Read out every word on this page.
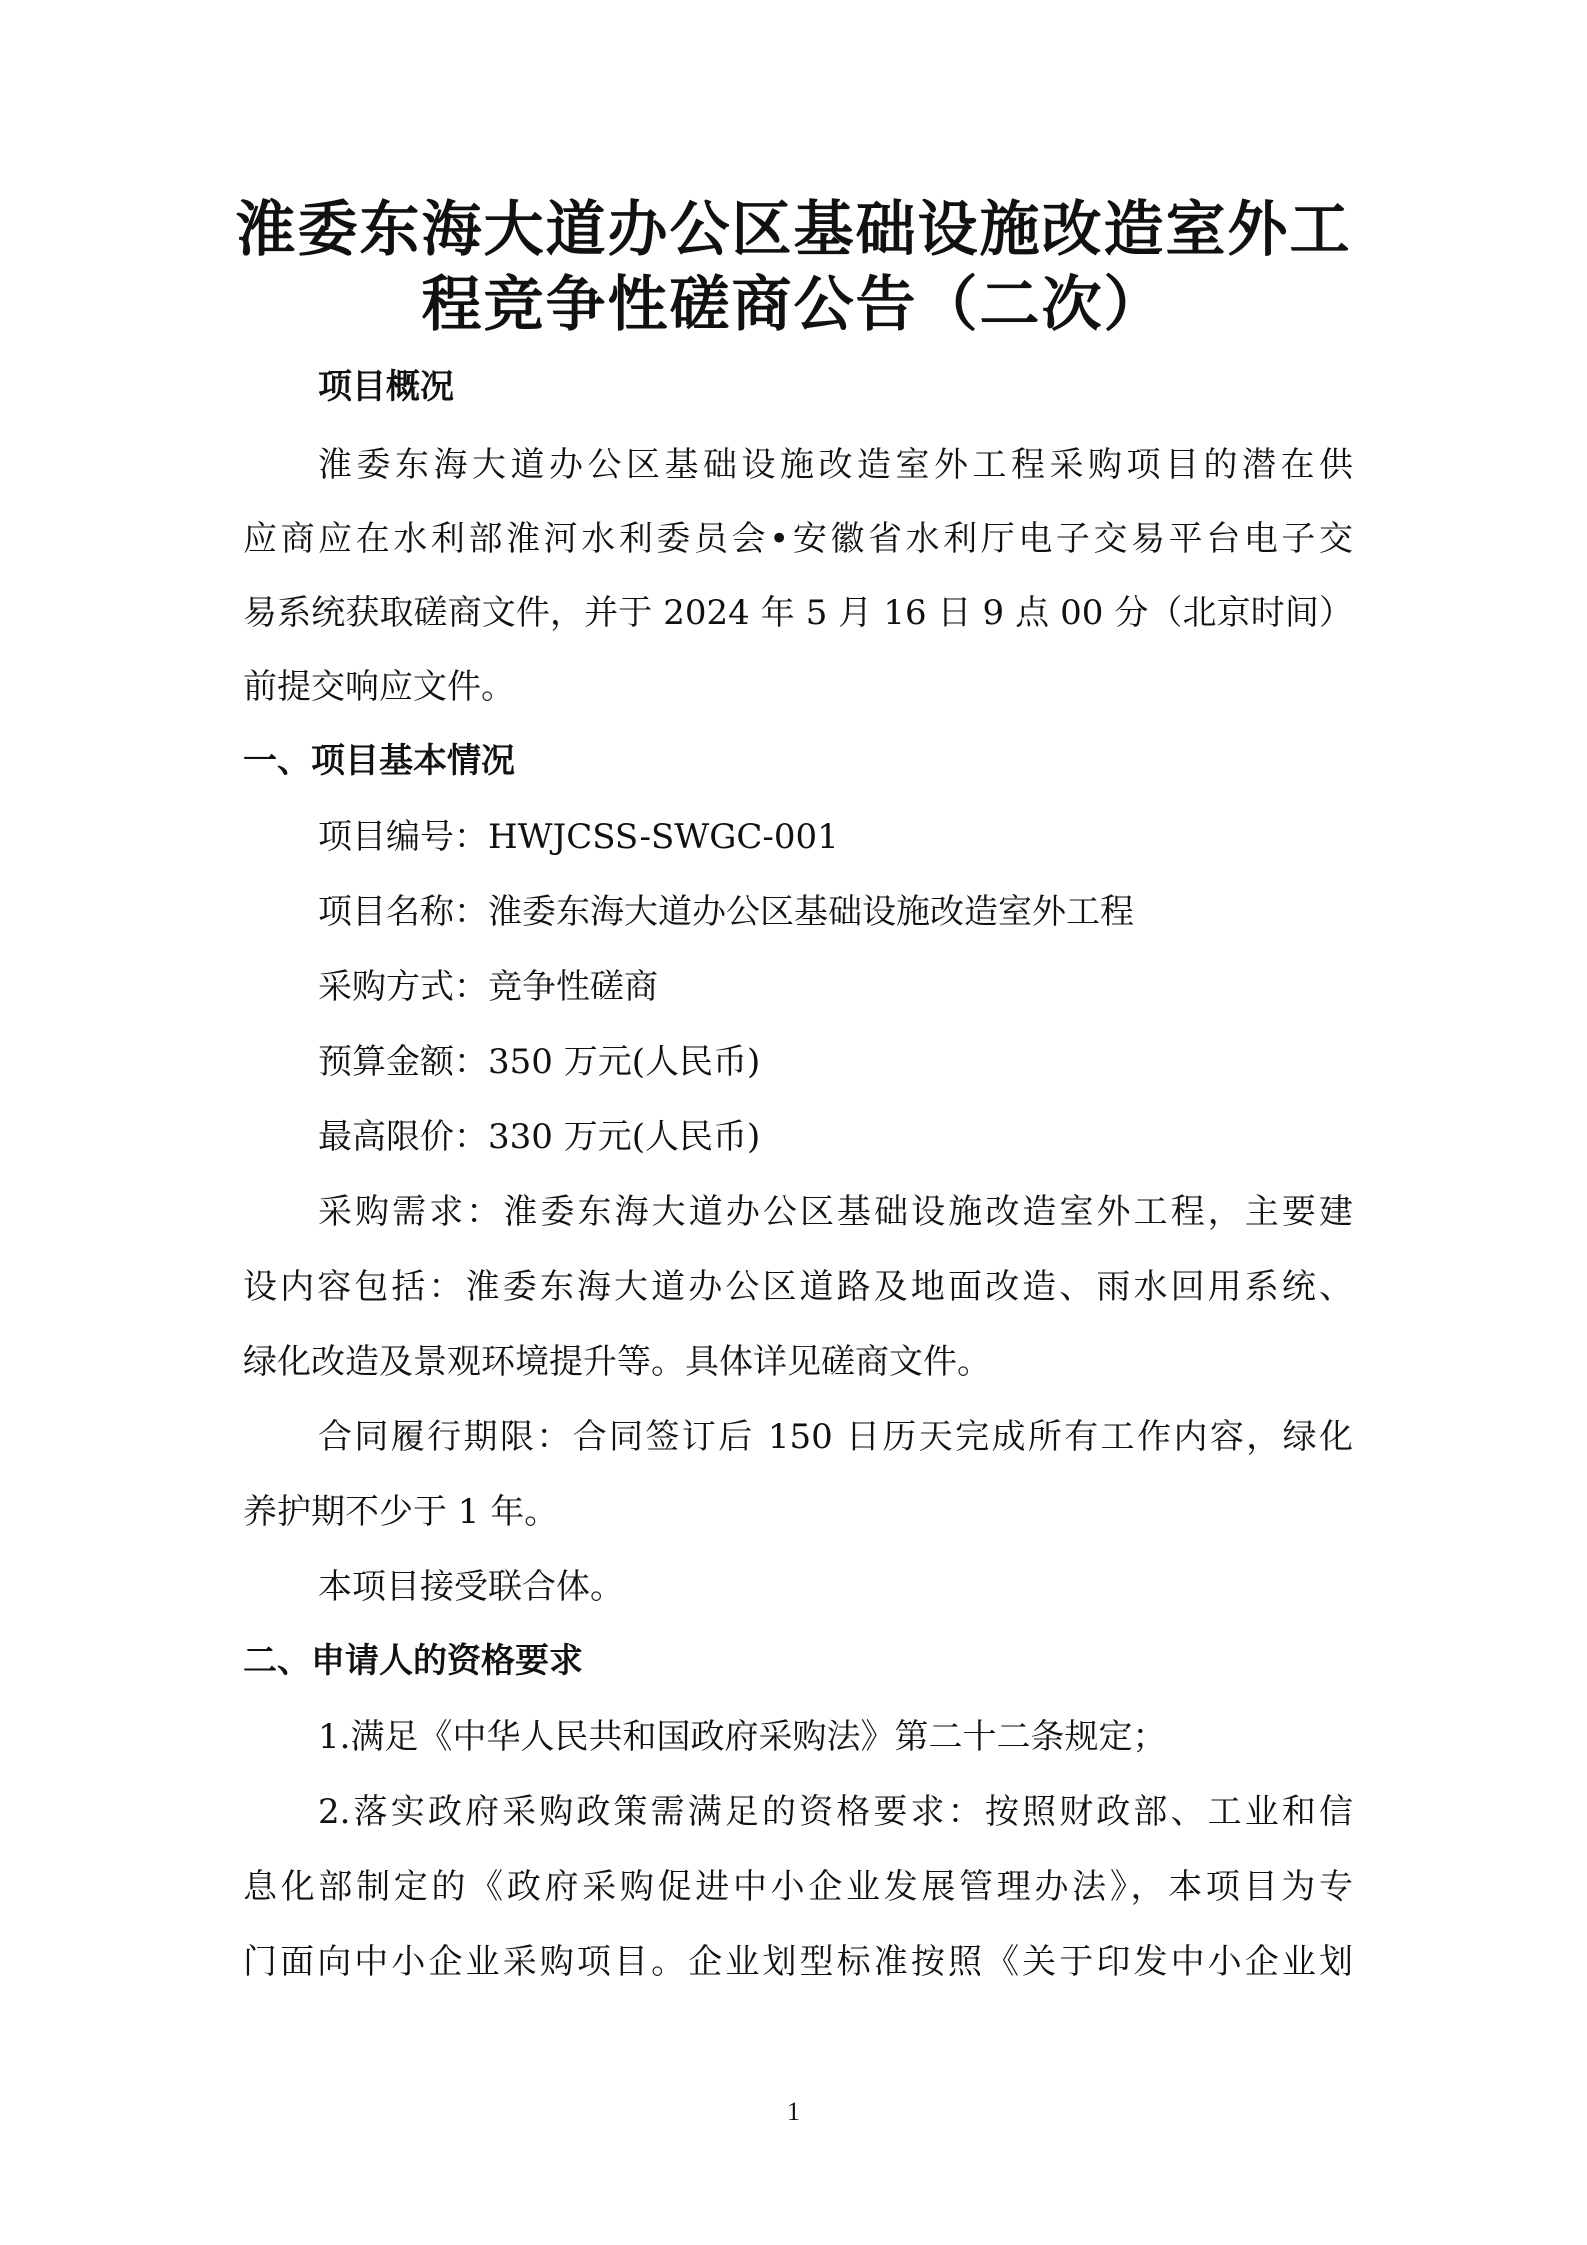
淮委东海大道办公区基础设施改造室外工
程竞争性磋商公告（二次）
项目概况
淮委东海大道办公区基础设施改造室外工程采购项目的潜在供
应商应在水利部淮河水利委员会•安徽省水利厅电子交易平台电子交
易系统获取磋商文件，并于 2024 年 5 月 16 日 9 点 00 分（北京时间）
前提交响应文件。
一、项目基本情况
项目编号：HWJCSS-SWGC-001
项目名称：淮委东海大道办公区基础设施改造室外工程
采购方式：竞争性磋商
预算金额：350 万元(人民币)
最高限价：330 万元(人民币)
采购需求：淮委东海大道办公区基础设施改造室外工程，主要建
设内容包括：淮委东海大道办公区道路及地面改造、雨水回用系统、
绿化改造及景观环境提升等。具体详见磋商文件。
合同履行期限：合同签订后 150 日历天完成所有工作内容，绿化
养护期不少于 1 年。
本项目接受联合体。
二、申请人的资格要求
1.满足《中华人民共和国政府采购法》第二十二条规定；
2.落实政府采购政策需满足的资格要求：按照财政部、工业和信
息化部制定的《政府采购促进中小企业发展管理办法》，本项目为专
门面向中小企业采购项目。企业划型标准按照《关于印发中小企业划
1
